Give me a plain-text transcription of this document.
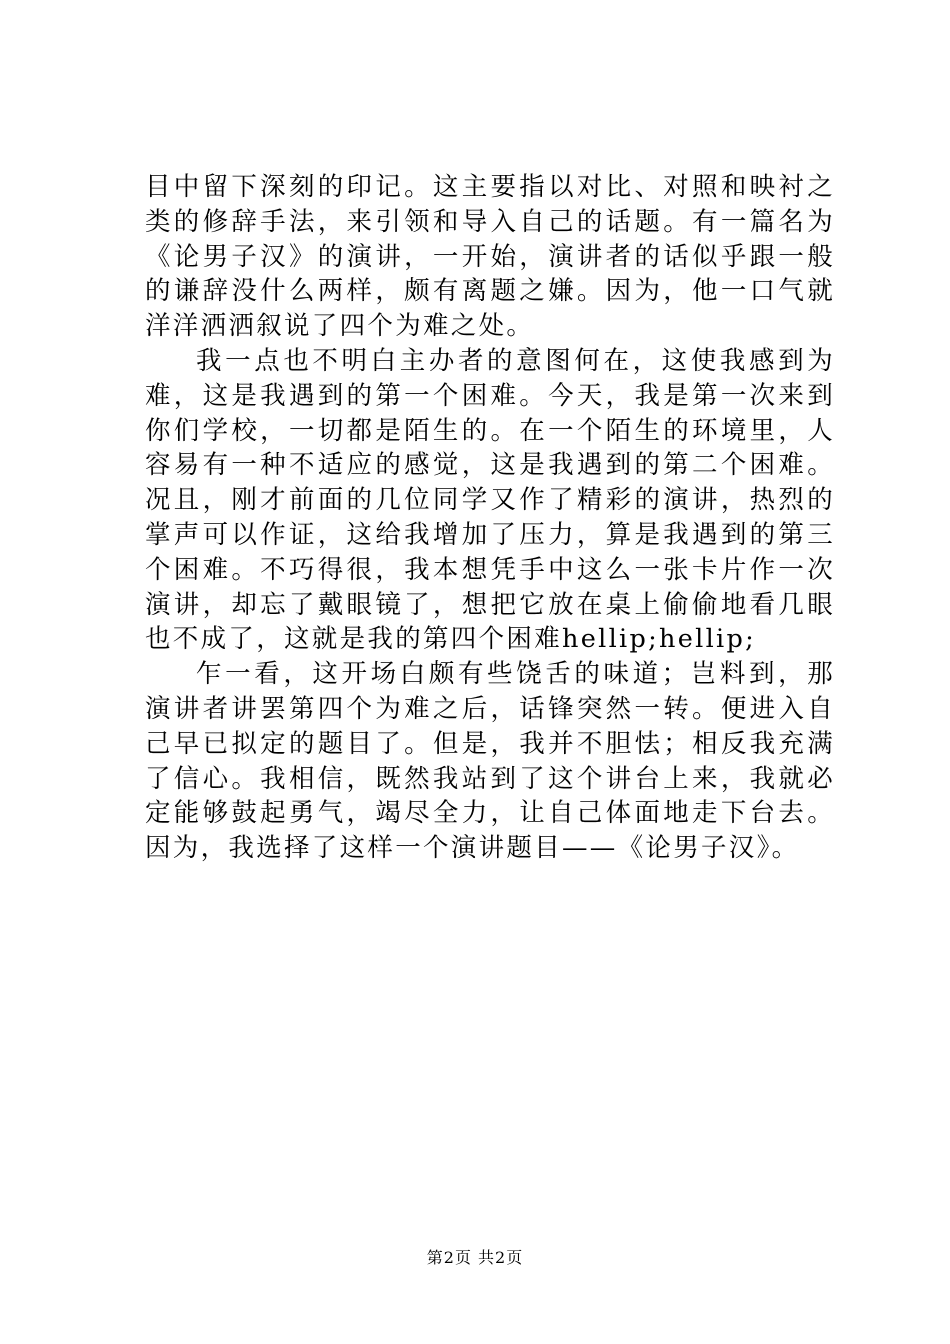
目中留下深刻的印记。这主要指以对比、对照和映衬之类的修辞手法，来引领和导入自己的话题。有一篇名为《论男子汉》的演讲，一开始，演讲者的话似乎跟一般的谦辞没什么两样，颇有离题之嫌。因为，他一口气就洋洋洒洒叙说了四个为难之处。

我一点也不明白主办者的意图何在，这使我感到为难，这是我遇到的第一个困难。今天，我是第一次来到你们学校，一切都是陌生的。在一个陌生的环境里，人容易有一种不适应的感觉，这是我遇到的第二个困难。况且，刚才前面的几位同学又作了精彩的演讲，热烈的掌声可以作证，这给我增加了压力，算是我遇到的第三个困难。不巧得很，我本想凭手中这么一张卡片作一次演讲，却忘了戴眼镜了，想把它放在桌上偷偷地看几眼也不成了，这就是我的第四个困难hellip;hellip;

乍一看，这开场白颇有些饶舌的味道；岂料到，那演讲者讲罢第四个为难之后，话锋突然一转。便进入自己早已拟定的题目了。但是，我并不胆怯；相反我充满了信心。我相信，既然我站到了这个讲台上来，我就必定能够鼓起勇气，竭尽全力，让自己体面地走下台去。因为，我选择了这样一个演讲题目——《论男子汉》。

第2页 共2页
